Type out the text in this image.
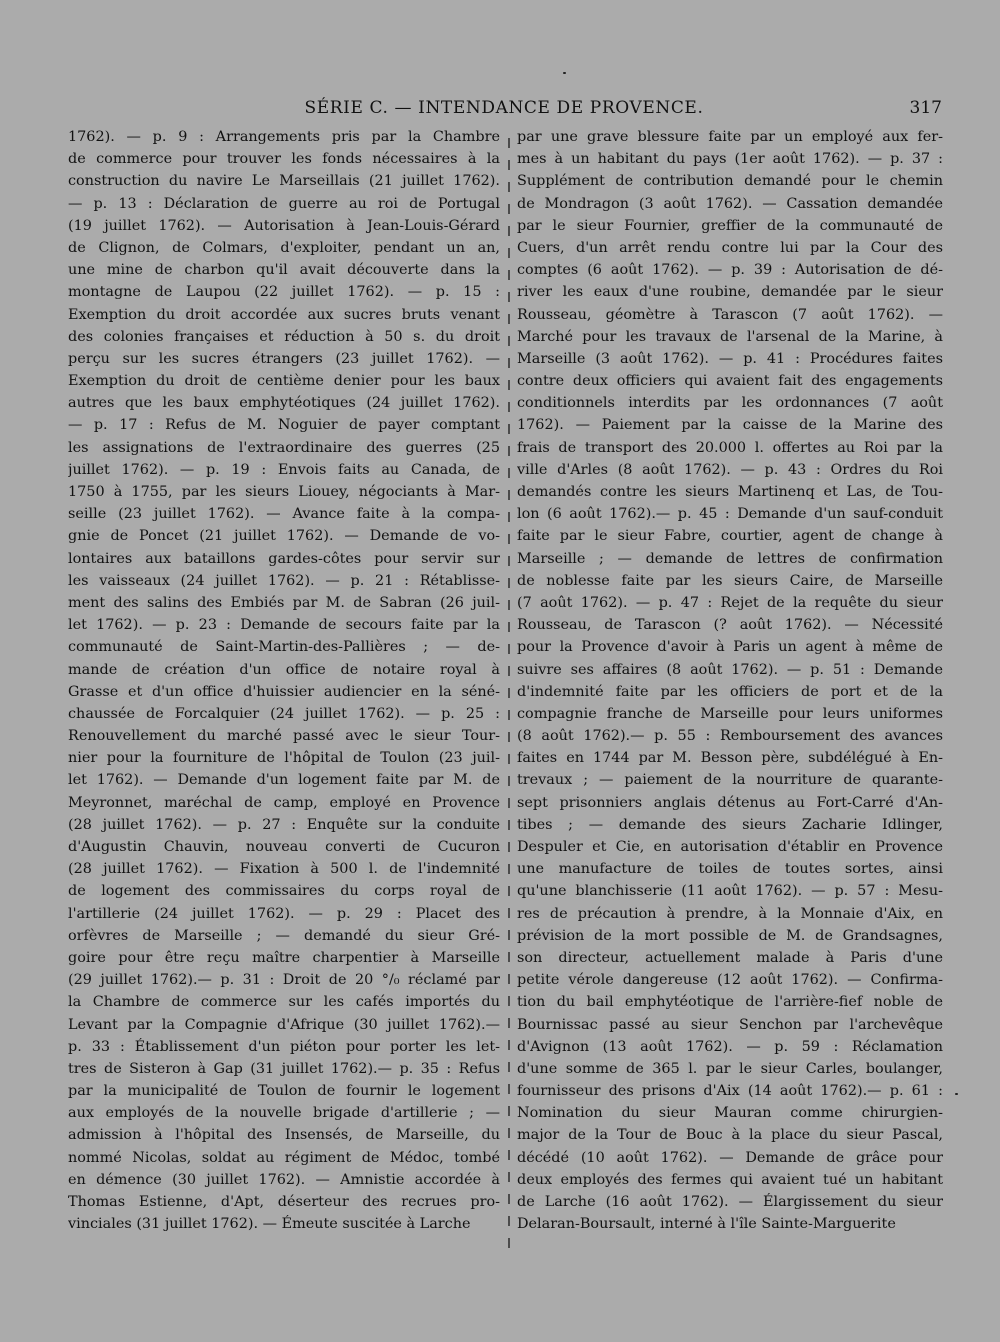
SÉRIE C. — INTENDANCE DE PROVENCE.	317
1762). — p. 9 : Arrangements pris par la Chambre
de commerce pour trouver les fonds nécessaires à la
construction du navire Le Marseillais (21 juillet 1762).
— p. 13 : Déclaration de guerre au roi de Portugal
(19 juillet 1762). — Autorisation à Jean-Louis-Gérard
de Clignon, de Colmars, d'exploiter, pendant un an,
une mine de charbon qu'il avait découverte dans la
montagne de Laupou (22 juillet 1762). — p. 15 :
Exemption du droit accordée aux sucres bruts venant
des colonies françaises et réduction à 50 s. du droit
perçu sur les sucres étrangers (23 juillet 1762). —
Exemption du droit de centième denier pour les baux
autres que les baux emphytéotiques (24 juillet 1762).
— p. 17 : Refus de M. Noguier de payer comptant
les assignations de l'extraordinaire des guerres (25
juillet 1762). — p. 19 : Envois faits au Canada, de
1750 à 1755, par les sieurs Liouey, négociants à Mar-
seille (23 juillet 1762). — Avance faite à la compa-
gnie de Poncet (21 juillet 1762). — Demande de vo-
lontaires aux bataillons gardes-côtes pour servir sur
les vaisseaux (24 juillet 1762). — p. 21 : Rétablisse-
ment des salins des Embiés par M. de Sabran (26 juil-
let 1762). — p. 23 : Demande de secours faite par la
communauté de Saint-Martin-des-Pallières ; — de-
mande de création d'un office de notaire royal à
Grasse et d'un office d'huissier audiencier en la séné-
chaussée de Forcalquier (24 juillet 1762). — p. 25 :
Renouvellement du marché passé avec le sieur Tour-
nier pour la fourniture de l'hôpital de Toulon (23 juil-
let 1762). — Demande d'un logement faite par M. de
Meyronnet, maréchal de camp, employé en Provence
(28 juillet 1762). — p. 27 : Enquête sur la conduite
d'Augustin Chauvin, nouveau converti de Cucuron
(28 juillet 1762). — Fixation à 500 l. de l'indemnité
de logement des commissaires du corps royal de
l'artillerie (24 juillet 1762). — p. 29 : Placet des
orfèvres de Marseille ; — demandé du sieur Gré-
goire pour être reçu maître charpentier à Marseille
(29 juillet 1762).— p. 31 : Droit de 20 °/₀ réclamé par
la Chambre de commerce sur les cafés importés du
Levant par la Compagnie d'Afrique (30 juillet 1762).—
p. 33 : Établissement d'un piéton pour porter les let-
tres de Sisteron à Gap (31 juillet 1762).— p. 35 : Refus
par la municipalité de Toulon de fournir le logement
aux employés de la nouvelle brigade d'artillerie ; —
admission à l'hôpital des Insensés, de Marseille, du
nommé Nicolas, soldat au régiment de Médoc, tombé
en démence (30 juillet 1762). — Amnistie accordée à
Thomas Estienne, d'Apt, déserteur des recrues pro-
vinciales (31 juillet 1762). — Émeute suscitée à Larche
par une grave blessure faite par un employé aux fer-
mes à un habitant du pays (1er août 1762). — p. 37 :
Supplément de contribution demandé pour le chemin
de Mondragon (3 août 1762). — Cassation demandée
par le sieur Fournier, greffier de la communauté de
Cuers, d'un arrêt rendu contre lui par la Cour des
comptes (6 août 1762). — p. 39 : Autorisation de dé-
river les eaux d'une roubine, demandée par le sieur
Rousseau, géomètre à Tarascon (7 août 1762). —
Marché pour les travaux de l'arsenal de la Marine, à
Marseille (3 août 1762). — p. 41 : Procédures faites
contre deux officiers qui avaient fait des engagements
conditionnels interdits par les ordonnances (7 août
1762). — Paiement par la caisse de la Marine des
frais de transport des 20.000 l. offertes au Roi par la
ville d'Arles (8 août 1762). — p. 43 : Ordres du Roi
demandés contre les sieurs Martinenq et Las, de Tou-
lon (6 août 1762).— p. 45 : Demande d'un sauf-conduit
faite par le sieur Fabre, courtier, agent de change à
Marseille ; — demande de lettres de confirmation
de noblesse faite par les sieurs Caire, de Marseille
(7 août 1762). — p. 47 : Rejet de la requête du sieur
Rousseau, de Tarascon (? août 1762). — Nécessité
pour la Provence d'avoir à Paris un agent à même de
suivre ses affaires (8 août 1762). — p. 51 : Demande
d'indemnité faite par les officiers de port et de la
compagnie franche de Marseille pour leurs uniformes
(8 août 1762).— p. 55 : Remboursement des avances
faites en 1744 par M. Besson père, subdélégué à En-
trevaux ; — paiement de la nourriture de quarante-
sept prisonniers anglais détenus au Fort-Carré d'An-
tibes ; — demande des sieurs Zacharie Idlinger,
Despuler et Cie, en autorisation d'établir en Provence
une manufacture de toiles de toutes sortes, ainsi
qu'une blanchisserie (11 août 1762). — p. 57 : Mesu-
res de précaution à prendre, à la Monnaie d'Aix, en
prévision de la mort possible de M. de Grandsagnes,
son directeur, actuellement malade à Paris d'une
petite vérole dangereuse (12 août 1762). — Confirma-
tion du bail emphytéotique de l'arrière-fief noble de
Bournissac passé au sieur Senchon par l'archevêque
d'Avignon (13 août 1762). — p. 59 : Réclamation
d'une somme de 365 l. par le sieur Carles, boulanger,
fournisseur des prisons d'Aix (14 août 1762).— p. 61 :
Nomination du sieur Mauran comme chirurgien-
major de la Tour de Bouc à la place du sieur Pascal,
décédé (10 août 1762). — Demande de grâce pour
deux employés des fermes qui avaient tué un habitant
de Larche (16 août 1762). — Élargissement du sieur
Delaran-Boursault, interné à l'île Sainte-Marguerite
